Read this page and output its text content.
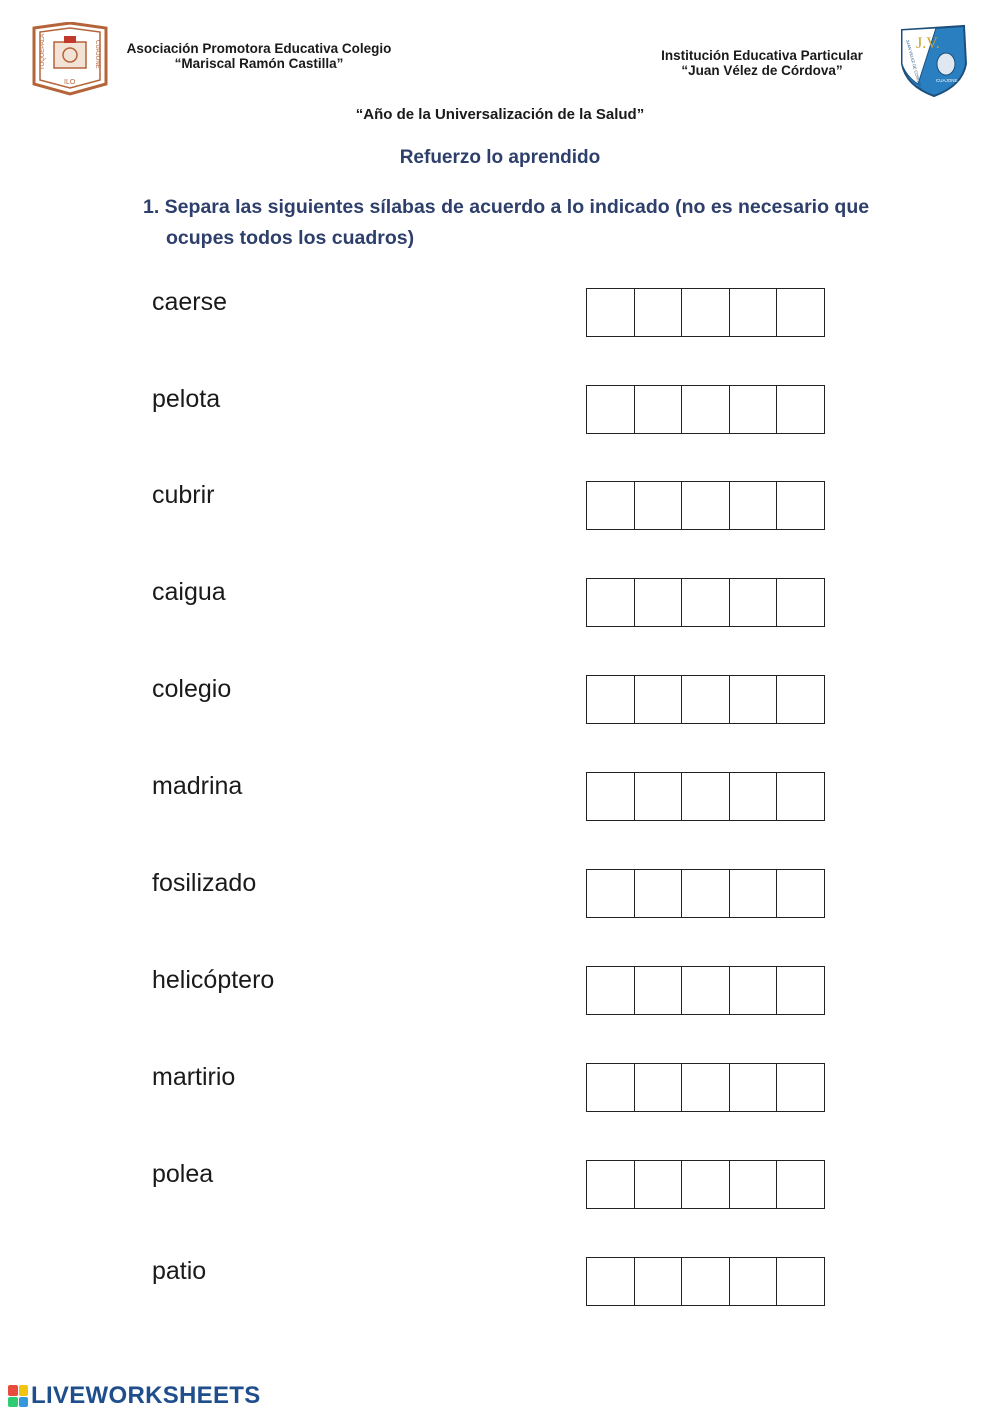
TOQUEPALA	CUAJONE
ILO
Asociación Promotora Educativa Colegio
“Mariscal Ramón Castilla”
Institución Educativa Particular
“Juan Vélez de Córdova”
J.V.
JUAN VELEZ DE CORDOVA	CUAJONE
“Año de la Universalización de la Salud”
Refuerzo lo aprendido
1. Separa las siguientes sílabas de acuerdo a lo indicado (no es necesario que ocupes todos los cuadros)
caerse
pelota
cubrir
caigua
colegio
madrina
fosilizado
helicóptero
martirio
polea
patio
LIVEWORKSHEETS
